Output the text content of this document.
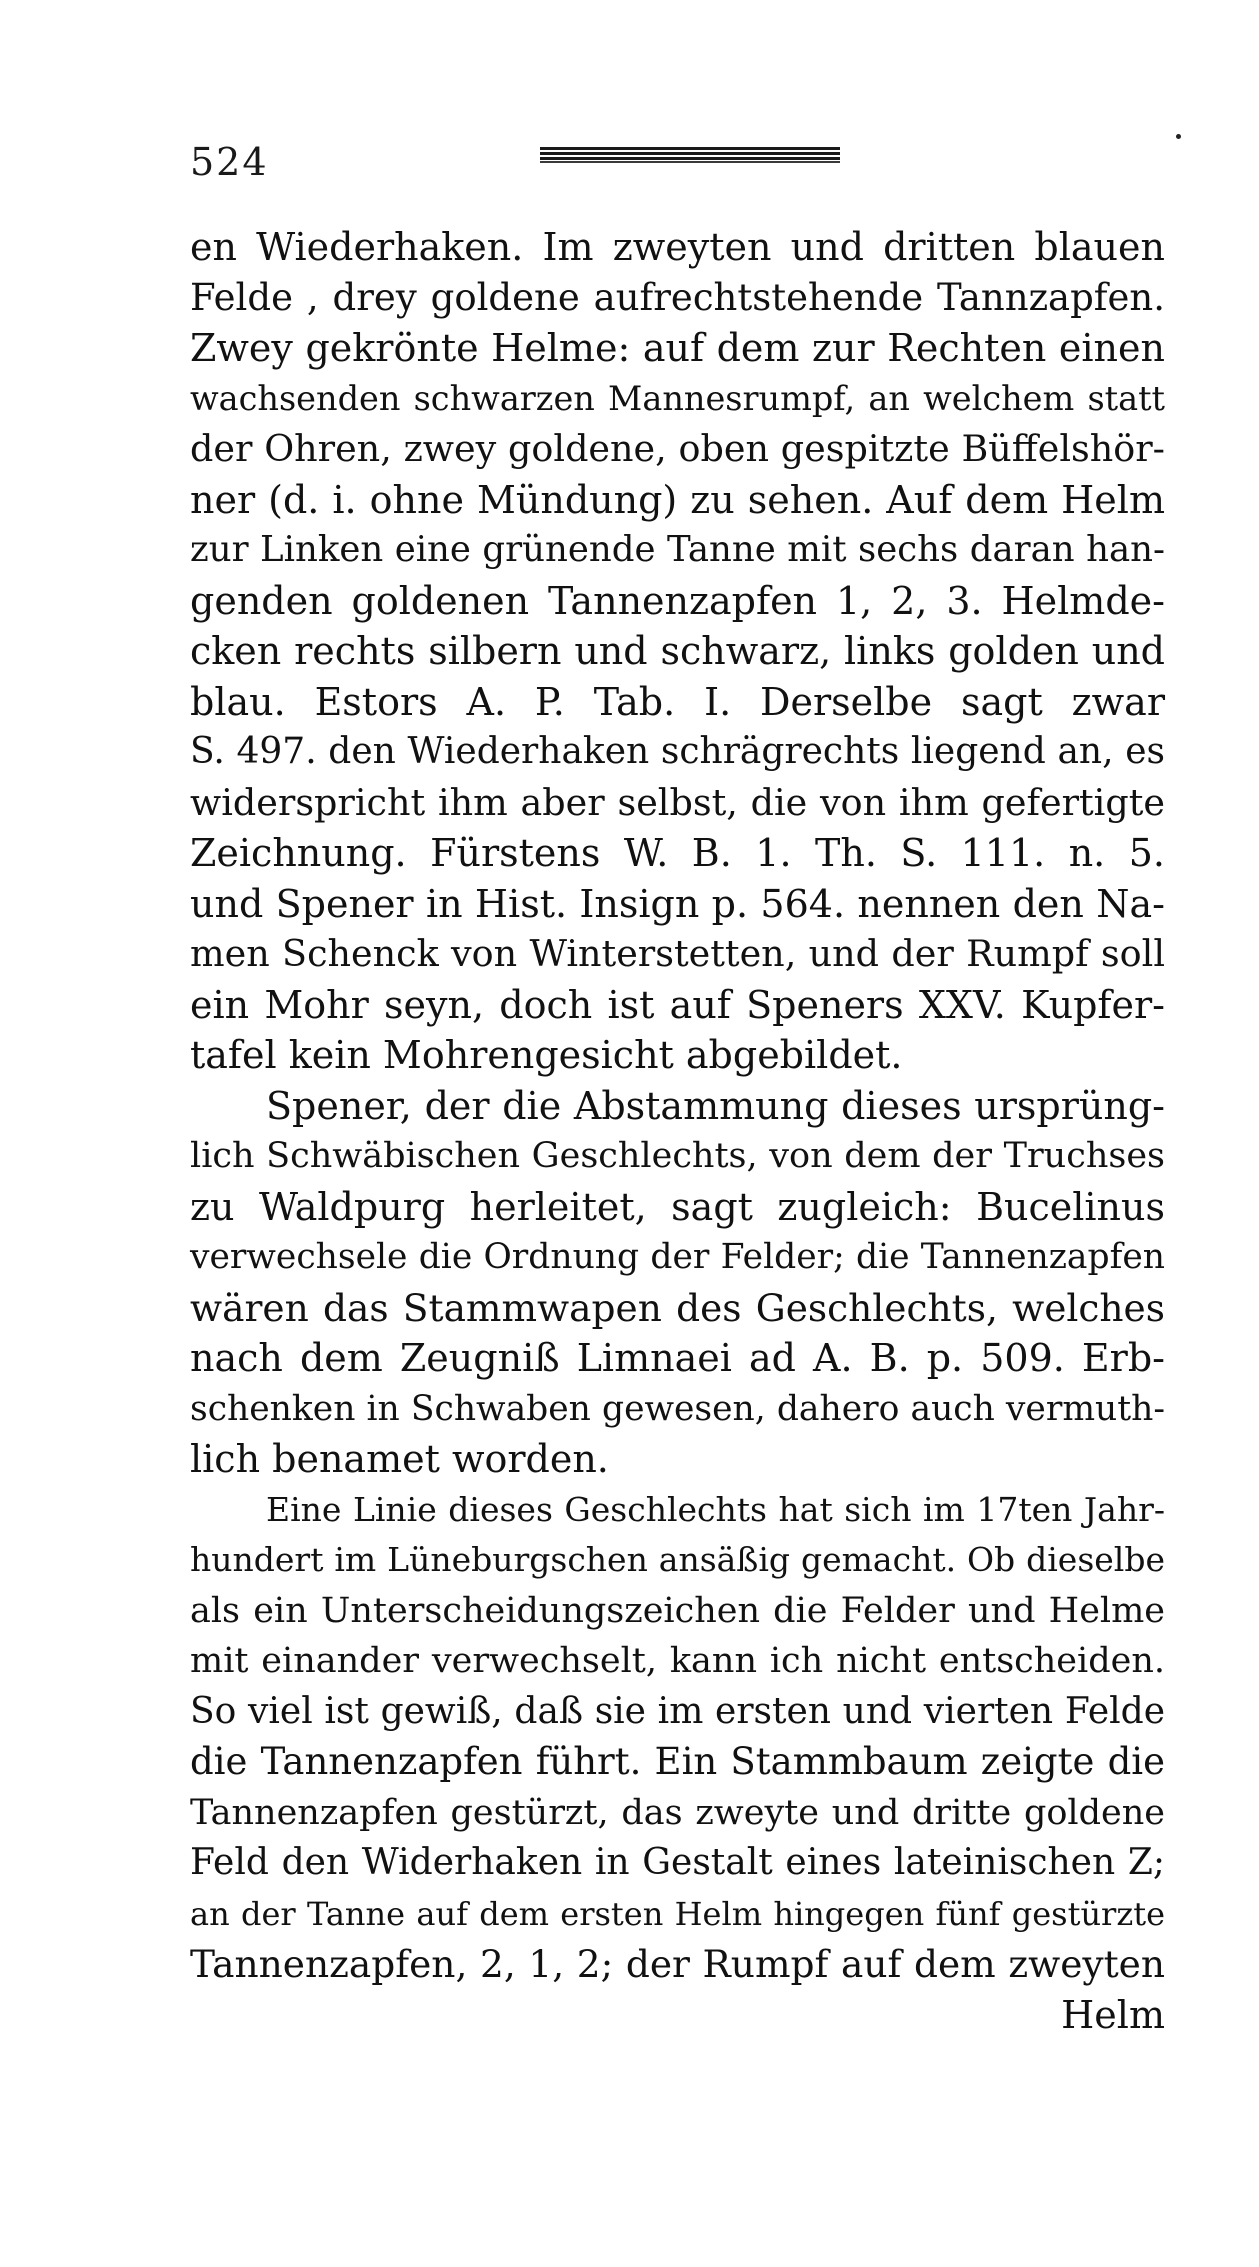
524
en Wiederhaken. Im zweyten und dritten blauen
Felde , drey goldene aufrechtstehende Tannzapfen.
Zwey gekrönte Helme: auf dem zur Rechten einen
wachsenden schwarzen Mannesrumpf, an welchem statt
der Ohren, zwey goldene, oben gespitzte Büffelshör-
ner (d. i. ohne Mündung) zu sehen. Auf dem Helm
zur Linken eine grünende Tanne mit sechs daran han-
genden goldenen Tannenzapfen 1, 2, 3. Helmde-
cken rechts silbern und schwarz, links golden und
blau. Estors A. P. Tab. I. Derselbe sagt zwar
S. 497. den Wiederhaken schrägrechts liegend an, es
widerspricht ihm aber selbst, die von ihm gefertigte
Zeichnung. Fürstens W. B. 1. Th. S. 111. n. 5.
und Spener in Hist. Insign p. 564. nennen den Na-
men Schenck von Winterstetten, und der Rumpf soll
ein Mohr seyn, doch ist auf Speners XXV. Kupfer-
tafel kein Mohrengesicht abgebildet.
Spener, der die Abstammung dieses ursprüng-
lich Schwäbischen Geschlechts, von dem der Truchses
zu Waldpurg herleitet, sagt zugleich: Bucelinus
verwechsele die Ordnung der Felder; die Tannenzapfen
wären das Stammwapen des Geschlechts, welches
nach dem Zeugniß Limnaei ad A. B. p. 509. Erb-
schenken in Schwaben gewesen, dahero auch vermuth-
lich benamet worden.
Eine Linie dieses Geschlechts hat sich im 17ten Jahr-
hundert im Lüneburgschen ansäßig gemacht. Ob dieselbe
als ein Unterscheidungszeichen die Felder und Helme
mit einander verwechselt, kann ich nicht entscheiden.
So viel ist gewiß, daß sie im ersten und vierten Felde
die Tannenzapfen führt. Ein Stammbaum zeigte die
Tannenzapfen gestürzt, das zweyte und dritte goldene
Feld den Widerhaken in Gestalt eines lateinischen Z;
an der Tanne auf dem ersten Helm hingegen fünf gestürzte
Tannenzapfen, 2, 1, 2; der Rumpf auf dem zweyten
Helm
